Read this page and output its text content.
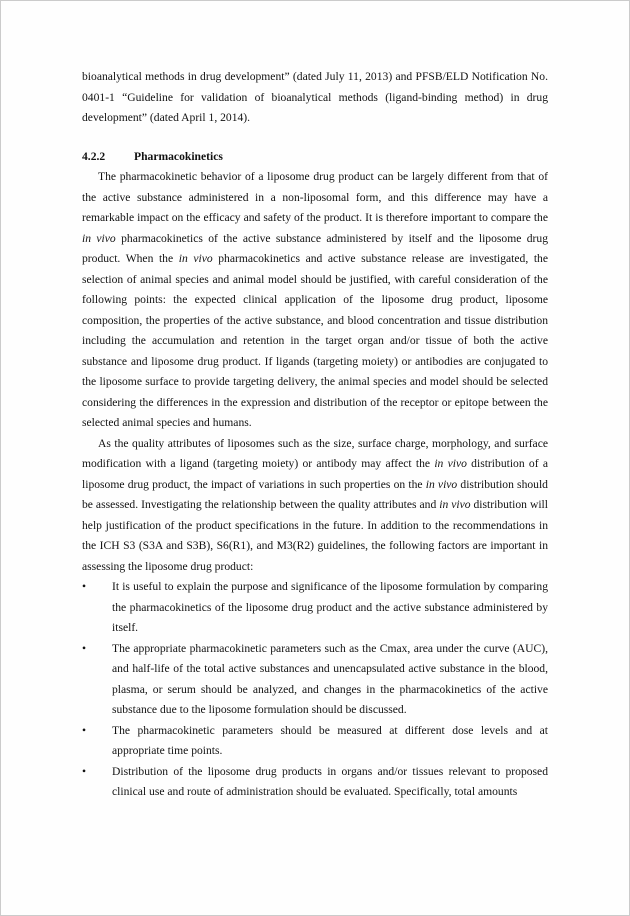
bioanalytical methods in drug development” (dated July 11, 2013) and PFSB/ELD Notification No. 0401-1 “Guideline for validation of bioanalytical methods (ligand-binding method) in drug development” (dated April 1, 2014).

4.2.2 Pharmacokinetics

The pharmacokinetic behavior of a liposome drug product can be largely different from that of the active substance administered in a non-liposomal form, and this difference may have a remarkable impact on the efficacy and safety of the product. It is therefore important to compare the in vivo pharmacokinetics of the active substance administered by itself and the liposome drug product. When the in vivo pharmacokinetics and active substance release are investigated, the selection of animal species and animal model should be justified, with careful consideration of the following points: the expected clinical application of the liposome drug product, liposome composition, the properties of the active substance, and blood concentration and tissue distribution including the accumulation and retention in the target organ and/or tissue of both the active substance and liposome drug product. If ligands (targeting moiety) or antibodies are conjugated to the liposome surface to provide targeting delivery, the animal species and model should be selected considering the differences in the expression and distribution of the receptor or epitope between the selected animal species and humans.

As the quality attributes of liposomes such as the size, surface charge, morphology, and surface modification with a ligand (targeting moiety) or antibody may affect the in vivo distribution of a liposome drug product, the impact of variations in such properties on the in vivo distribution should be assessed. Investigating the relationship between the quality attributes and in vivo distribution will help justification of the product specifications in the future. In addition to the recommendations in the ICH S3 (S3A and S3B), S6(R1), and M3(R2) guidelines, the following factors are important in assessing the liposome drug product:

•	It is useful to explain the purpose and significance of the liposome formulation by comparing the pharmacokinetics of the liposome drug product and the active substance administered by itself.
•	The appropriate pharmacokinetic parameters such as the Cmax, area under the curve (AUC), and half-life of the total active substances and unencapsulated active substance in the blood, plasma, or serum should be analyzed, and changes in the pharmacokinetics of the active substance due to the liposome formulation should be discussed.
•	The pharmacokinetic parameters should be measured at different dose levels and at appropriate time points.
•	Distribution of the liposome drug products in organs and/or tissues relevant to proposed clinical use and route of administration should be evaluated. Specifically, total amounts
